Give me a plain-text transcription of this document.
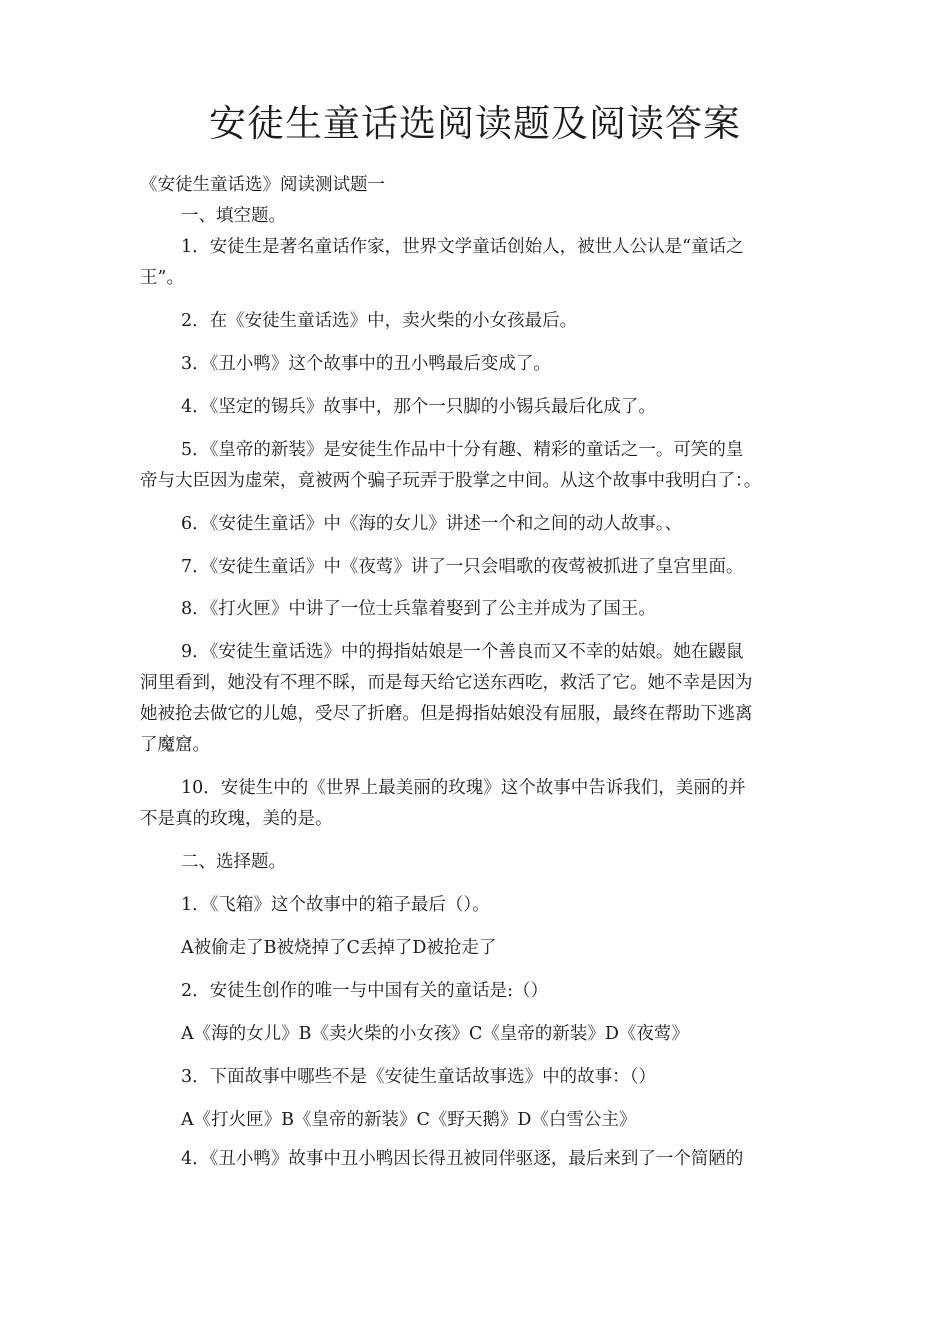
安徒生童话选阅读题及阅读答案
《安徒生童话选》阅读测试题一
一、填空题。
1．安徒生是著名童话作家，世界文学童话创始人，被世人公认是“童话之
王”。
2．在《安徒生童话选》中，卖火柴的小女孩最后。
3．《丑小鸭》这个故事中的丑小鸭最后变成了。
4．《坚定的锡兵》故事中，那个一只脚的小锡兵最后化成了。
5．《皇帝的新装》是安徒生作品中十分有趣、精彩的童话之一。可笑的皇
帝与大臣因为虚荣，竟被两个骗子玩弄于股掌之中间。从这个故事中我明白了：。
6．《安徒生童话》中《海的女儿》讲述一个和之间的动人故事。、
7．《安徒生童话》中《夜莺》讲了一只会唱歌的夜莺被抓进了皇宫里面。
8．《打火匣》中讲了一位士兵靠着娶到了公主并成为了国王。
9．《安徒生童话选》中的拇指姑娘是一个善良而又不幸的姑娘。她在鼹鼠
洞里看到，她没有不理不睬，而是每天给它送东西吃，救活了它。她不幸是因为
她被抢去做它的儿媳，受尽了折磨。但是拇指姑娘没有屈服，最终在帮助下逃离
了魔窟。
10．安徒生中的《世界上最美丽的玫瑰》这个故事中告诉我们，美丽的并
不是真的玫瑰，美的是。
二、选择题。
1．《飞箱》这个故事中的箱子最后（）。
A被偷走了B被烧掉了C丢掉了D被抢走了
2．安徒生创作的唯一与中国有关的童话是:（）
A《海的女儿》B《卖火柴的小女孩》C《皇帝的新装》D《夜莺》
3．下面故事中哪些不是《安徒生童话故事选》中的故事：（）
A《打火匣》B《皇帝的新装》C《野天鹅》D《白雪公主》
4．《丑小鸭》故事中丑小鸭因长得丑被同伴驱逐，最后来到了一个简陋的
